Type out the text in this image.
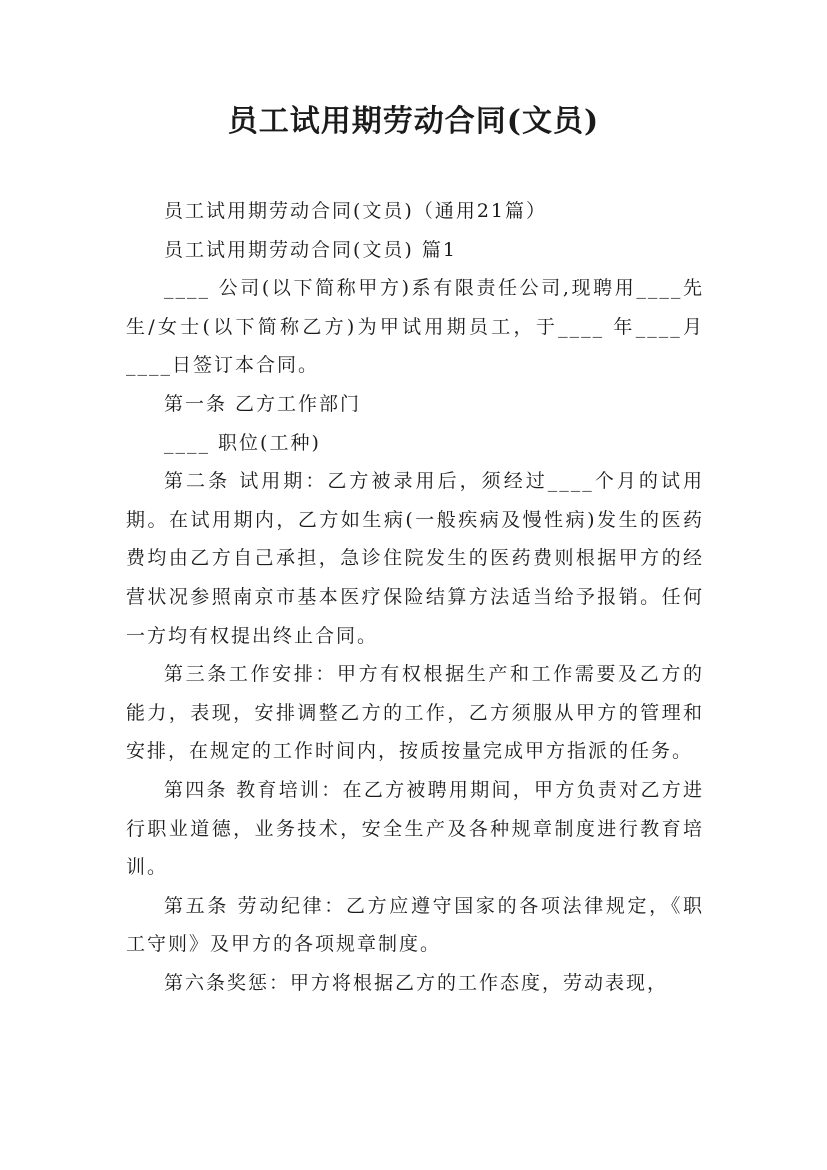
员工试用期劳动合同(文员)

员工试用期劳动合同(文员)（通用21篇）

员工试用期劳动合同(文员) 篇1

____ 公司(以下简称甲方)系有限责任公司,现聘用____先生/女士(以下简称乙方)为甲试用期员工，于____ 年____月____日签订本合同。

第一条 乙方工作部门

____ 职位(工种)

第二条 试用期：乙方被录用后，须经过____个月的试用期。在试用期内，乙方如生病(一般疾病及慢性病)发生的医药费均由乙方自己承担，急诊住院发生的医药费则根据甲方的经营状况参照南京市基本医疗保险结算方法适当给予报销。任何一方均有权提出终止合同。

第三条工作安排：甲方有权根据生产和工作需要及乙方的能力，表现，安排调整乙方的工作，乙方须服从甲方的管理和安排，在规定的工作时间内，按质按量完成甲方指派的任务。

第四条 教育培训：在乙方被聘用期间，甲方负责对乙方进行职业道德，业务技术，安全生产及各种规章制度进行教育培训。

第五条 劳动纪律：乙方应遵守国家的各项法律规定，《职工守则》及甲方的各项规章制度。

第六条奖惩：甲方将根据乙方的工作态度，劳动表现，
